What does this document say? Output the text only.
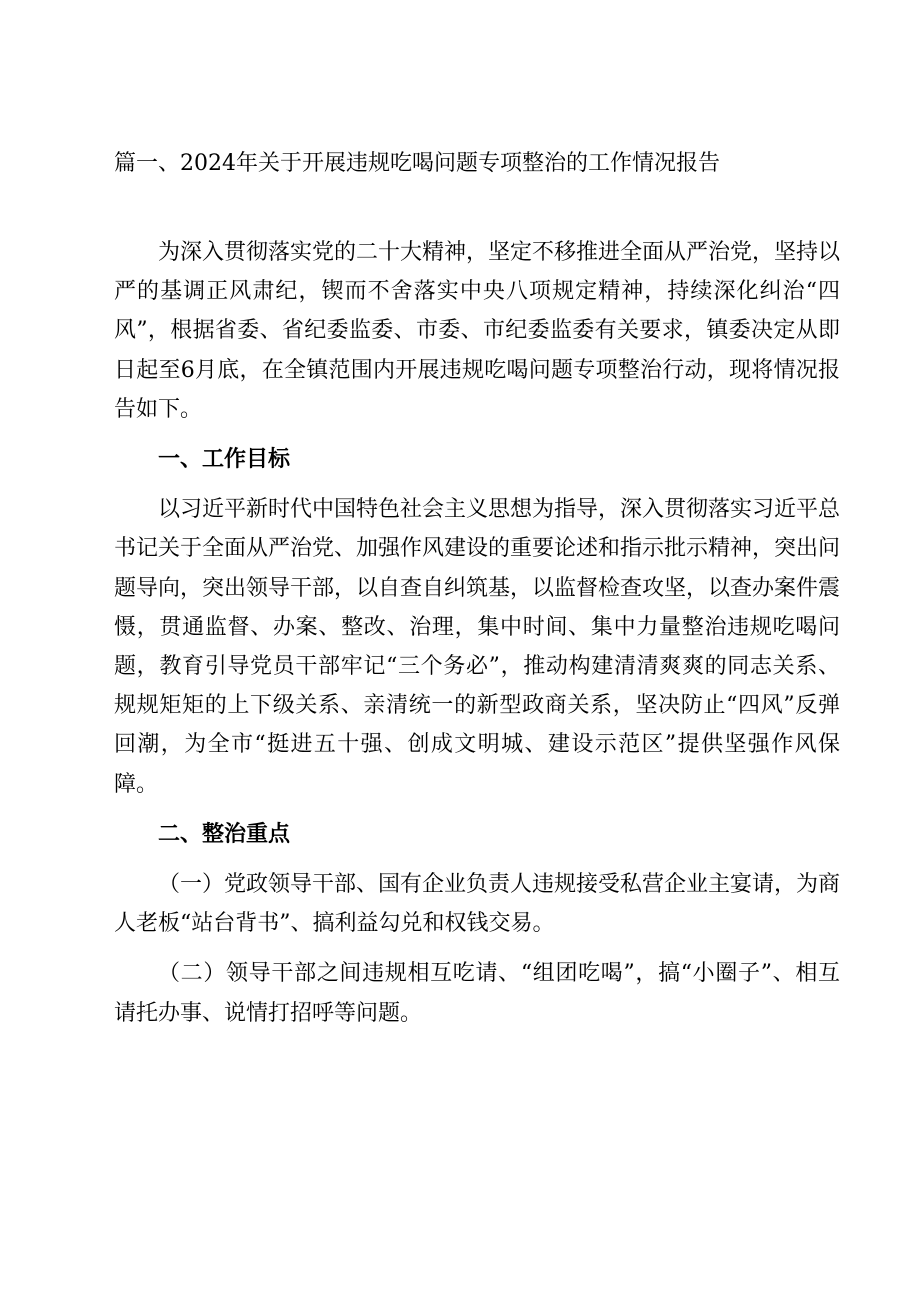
篇一、2024年关于开展违规吃喝问题专项整治的工作情况报告

为深入贯彻落实党的二十大精神，坚定不移推进全面从严治党，坚持以严的基调正风肃纪，锲而不舍落实中央八项规定精神，持续深化纠治“四风”，根据省委、省纪委监委、市委、市纪委监委有关要求，镇委决定从即日起至6月底，在全镇范围内开展违规吃喝问题专项整治行动，现将情况报告如下。

一、工作目标

以习近平新时代中国特色社会主义思想为指导，深入贯彻落实习近平总书记关于全面从严治党、加强作风建设的重要论述和指示批示精神，突出问题导向，突出领导干部，以自查自纠筑基，以监督检查攻坚，以查办案件震慑，贯通监督、办案、整改、治理，集中时间、集中力量整治违规吃喝问题，教育引导党员干部牢记“三个务必”，推动构建清清爽爽的同志关系、规规矩矩的上下级关系、亲清统一的新型政商关系，坚决防止“四风”反弹回潮，为全市“挺进五十强、创成文明城、建设示范区”提供坚强作风保障。

二、整治重点

（一）党政领导干部、国有企业负责人违规接受私营企业主宴请，为商人老板“站台背书”、搞利益勾兑和权钱交易。

（二）领导干部之间违规相互吃请、“组团吃喝”，搞“小圈子”、相互请托办事、说情打招呼等问题。
